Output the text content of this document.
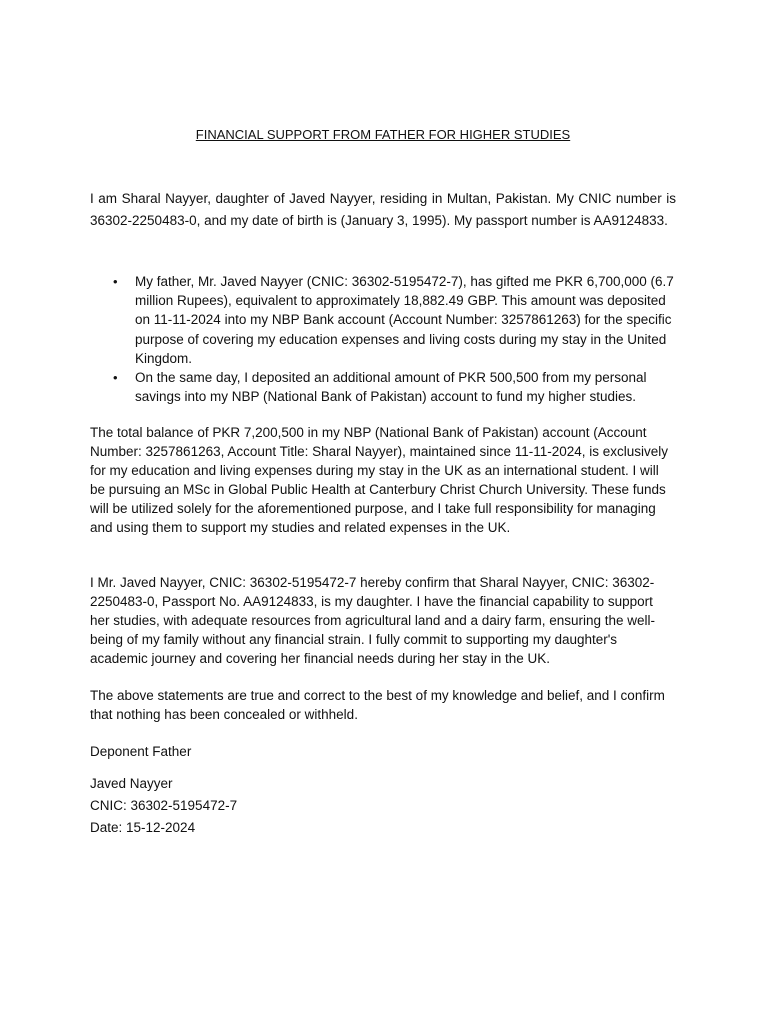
FINANCIAL SUPPORT FROM FATHER FOR HIGHER STUDIES

I am Sharal Nayyer, daughter of Javed Nayyer, residing in Multan, Pakistan. My CNIC number is 36302-2250483-0, and my date of birth is (January 3, 1995). My passport number is AA9124833.

• My father, Mr. Javed Nayyer (CNIC: 36302-5195472-7), has gifted me PKR 6,700,000 (6.7 million Rupees), equivalent to approximately 18,882.49 GBP. This amount was deposited on 11-11-2024 into my NBP Bank account (Account Number: 3257861263) for the specific purpose of covering my education expenses and living costs during my stay in the United Kingdom.
• On the same day, I deposited an additional amount of PKR 500,500 from my personal savings into my NBP (National Bank of Pakistan) account to fund my higher studies.

The total balance of PKR 7,200,500 in my NBP (National Bank of Pakistan) account (Account Number: 3257861263, Account Title: Sharal Nayyer), maintained since 11-11-2024, is exclusively for my education and living expenses during my stay in the UK as an international student. I will be pursuing an MSc in Global Public Health at Canterbury Christ Church University. These funds will be utilized solely for the aforementioned purpose, and I take full responsibility for managing and using them to support my studies and related expenses in the UK.

I Mr. Javed Nayyer, CNIC: 36302-5195472-7 hereby confirm that Sharal Nayyer, CNIC: 36302-2250483-0, Passport No. AA9124833, is my daughter. I have the financial capability to support her studies, with adequate resources from agricultural land and a dairy farm, ensuring the well-being of my family without any financial strain. I fully commit to supporting my daughter's academic journey and covering her financial needs during her stay in the UK.

The above statements are true and correct to the best of my knowledge and belief, and I confirm that nothing has been concealed or withheld.

Deponent Father

Javed Nayyer

CNIC: 36302-5195472-7

Date: 15-12-2024
